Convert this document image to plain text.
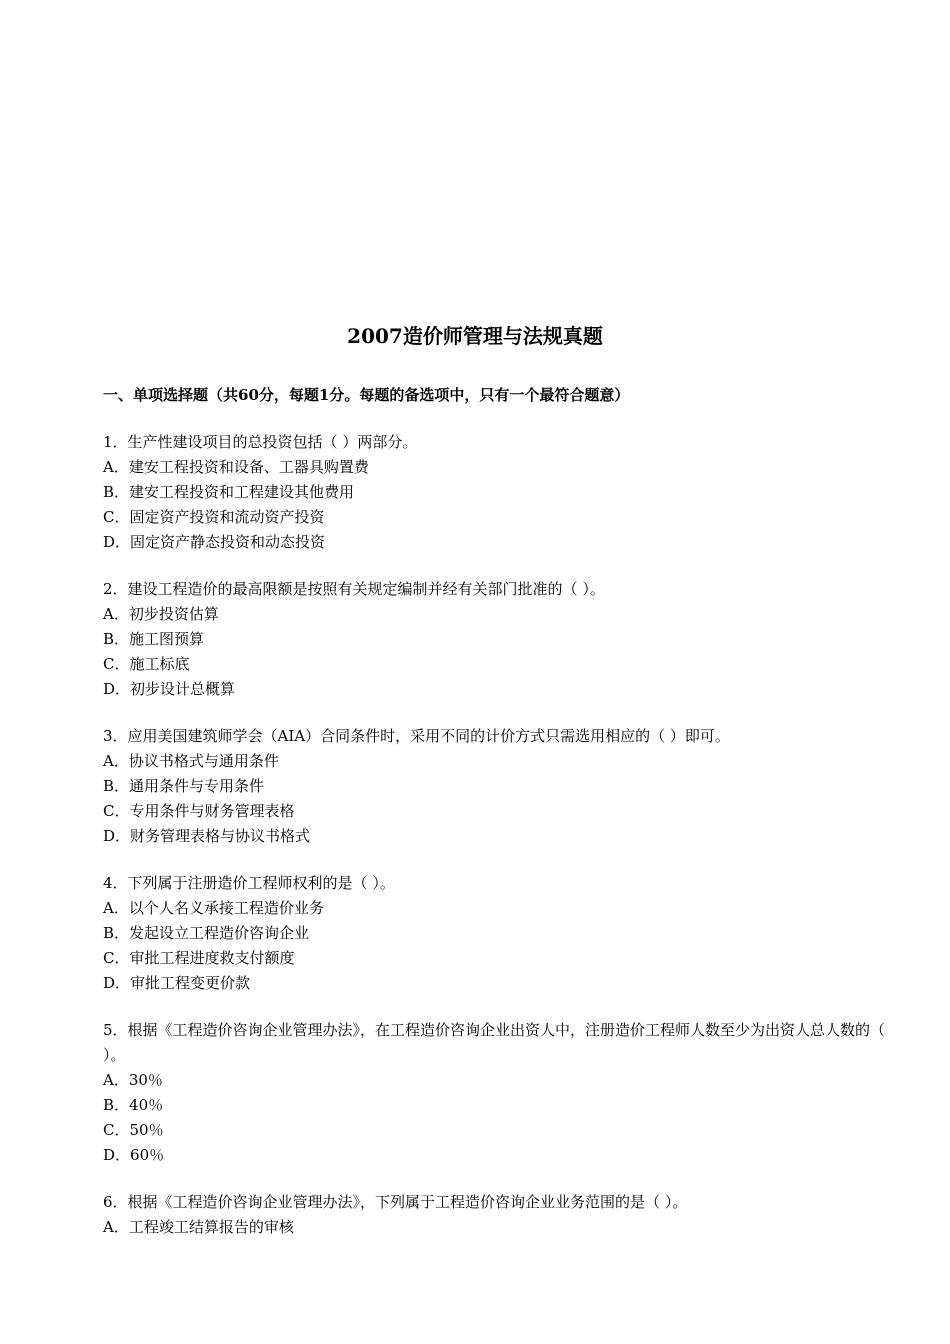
2007造价师管理与法规真题
一、单项选择题（共60分，每题1分。每题的备选项中，只有一个最符合题意）

1．生产性建设项目的总投资包括（ ）两部分。

A．建安工程投资和设备、工器具购置费

B．建安工程投资和工程建设其他费用

C．固定资产投资和流动资产投资

D．固定资产静态投资和动态投资

2．建设工程造价的最高限额是按照有关规定编制并经有关部门批准的（ ）。

A．初步投资估算

B．施工图预算

C．施工标底

D．初步设计总概算

3．应用美国建筑师学会（AIA）合同条件时，采用不同的计价方式只需选用相应的（ ）即可。

A．协议书格式与通用条件

B．通用条件与专用条件

C．专用条件与财务管理表格

D．财务管理表格与协议书格式

4．下列属于注册造价工程师权利的是（ ）。

A．以个人名义承接工程造价业务

B．发起设立工程造价咨询企业

C．审批工程进度救支付额度

D．审批工程变更价款

5．根据《工程造价咨询企业管理办法》，在工程造价咨询企业出资人中，注册造价工程师人数至少为出资人总人数的（ ）。

A．30％

B．40％

C．50％

D．60％

6．根据《工程造价咨询企业管理办法》，下列属于工程造价咨询企业业务范围的是（ ）。

A．工程竣工结算报告的审核
